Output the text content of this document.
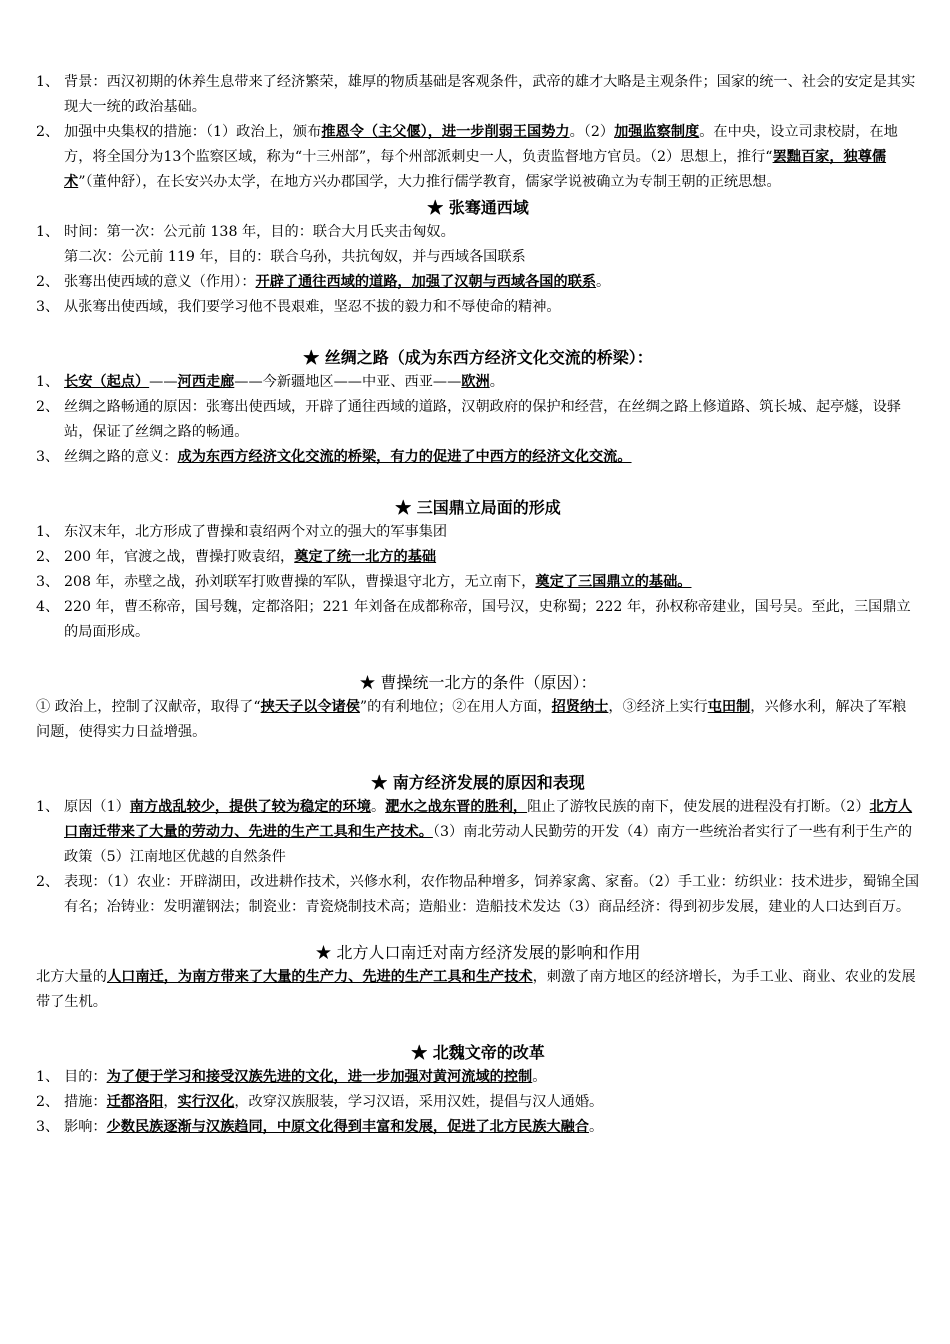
1、 背景：西汉初期的休养生息带来了经济繁荣，雄厚的物质基础是客观条件，武帝的雄才大略是主观条件；国家的统一、社会的安定是其实现大一统的政治基础。
2、 加强中央集权的措施：（1）政治上，颁布推恩令（主父偃），进一步削弱王国势力。（2）加强监察制度。在中央，设立司隶校尉，在地方，将全国分为13个监察区域，称为“十三州部”，每个州部派刺史一人，负责监督地方官员。（2）思想上，推行“罢黜百家，独尊儒术”（董仲舒），在长安兴办太学，在地方兴办郡国学，大力推行儒学教育，儒家学说被确立为专制王朝的正统思想。
★ 张骞通西域
1、 时间：第一次：公元前 138 年，目的：联合大月氏夹击匈奴。
第二次：公元前 119 年，目的：联合乌孙，共抗匈奴，并与西域各国联系
2、 张骞出使西域的意义（作用）：开辟了通往西域的道路，加强了汉朝与西域各国的联系。
3、 从张骞出使西域，我们要学习他不畏艰难，坚忍不拔的毅力和不辱使命的精神。
★ 丝绸之路（成为东西方经济文化交流的桥梁）：
1、 长安（起点）——河西走廊——今新疆地区——中亚、西亚——欧洲。
2、 丝绸之路畅通的原因：张骞出使西域，开辟了通往西域的道路，汉朝政府的保护和经营，在丝绸之路上修道路、筑长城、起亭燧，设驿站，保证了丝绸之路的畅通。
3、 丝绸之路的意义：成为东西方经济文化交流的桥梁，有力的促进了中西方的经济文化交流。
★ 三国鼎立局面的形成
1、 东汉末年，北方形成了曹操和袁绍两个对立的强大的军事集团
2、 200 年，官渡之战，曹操打败袁绍，奠定了统一北方的基础
3、 208 年，赤壁之战，孙刘联军打败曹操的军队，曹操退守北方，无立南下，奠定了三国鼎立的基础。
4、 220 年，曹丕称帝，国号魏，定都洛阳；221 年刘备在成都称帝，国号汉，史称蜀；222 年，孙权称帝建业，国号吴。至此，三国鼎立的局面形成。
★ 曹操统一北方的条件（原因）：
① 政治上，控制了汉献帝，取得了“挟天子以令诸侯”的有利地位；②在用人方面，招贤纳士，③经济上实行屯田制，兴修水利，解决了军粮问题，使得实力日益增强。
★ 南方经济发展的原因和表现
1、 原因（1）南方战乱较少，提供了较为稳定的环境。淝水之战东晋的胜利，阻止了游牧民族的南下，使发展的进程没有打断。（2）北方人口南迁带来了大量的劳动力、先进的生产工具和生产技术。（3）南北劳动人民勤劳的开发（4）南方一些统治者实行了一些有利于生产的政策（5）江南地区优越的自然条件
2、 表现：（1）农业：开辟湖田，改进耕作技术，兴修水利，农作物品种增多，饲养家禽、家畜。（2）手工业：纺织业：技术进步，蜀锦全国有名；冶铸业：发明灌钢法；制瓷业：青瓷烧制技术高；造船业：造船技术发达（3）商品经济：得到初步发展，建业的人口达到百万。
★ 北方人口南迁对南方经济发展的影响和作用
北方大量的人口南迁，为南方带来了大量的生产力、先进的生产工具和生产技术，刺激了南方地区的经济增长，为手工业、商业、农业的发展带了生机。
★ 北魏文帝的改革
1、 目的：为了便于学习和接受汉族先进的文化，进一步加强对黄河流域的控制。
2、 措施：迁都洛阳，实行汉化，改穿汉族服装，学习汉语，采用汉姓，提倡与汉人通婚。
3、 影响：少数民族逐渐与汉族趋同，中原文化得到丰富和发展，促进了北方民族大融合。
